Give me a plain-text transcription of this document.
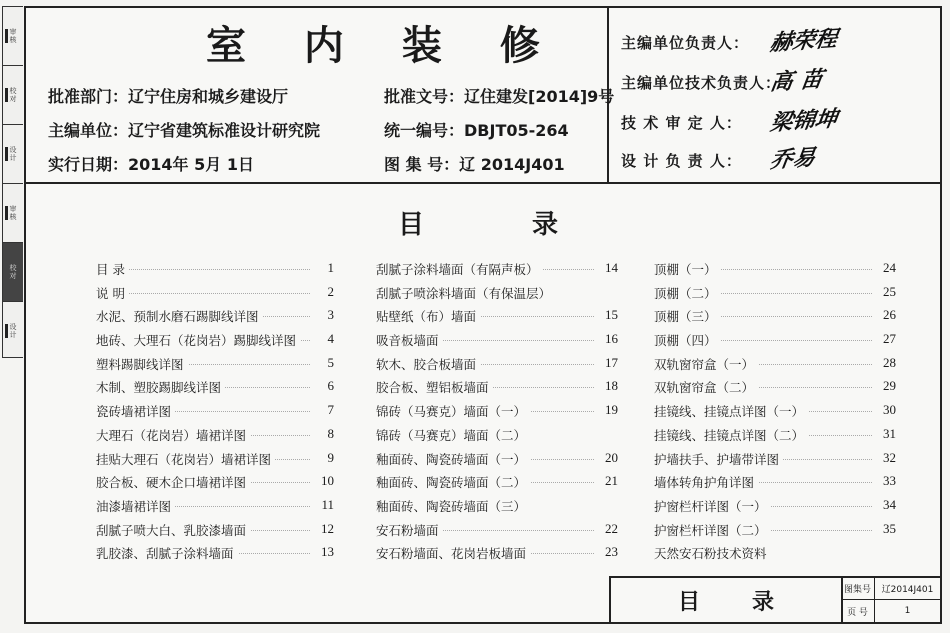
审核
校对
设计
审核
校对
设计
室 内 装 修
批准部门：辽宁住房和城乡建设厅	批准文号：辽住建发[2014]9号
主编单位：辽宁省建筑标准设计研究院	统一编号：DBJT05-264
实行日期：2014年 5月 1日	图 集 号：辽 2014J401
主编单位负责人： 赫荣程
主编单位技术负责人：高 苗
技 术 审 定 人： 梁锦坤
设 计 负 责 人： 乔易
目	录
目 录	1
说 明	2
水泥、预制水磨石踢脚线详图	3
地砖、大理石（花岗岩）踢脚线详图	4
塑料踢脚线详图	5
木制、塑胶踢脚线详图	6
瓷砖墙裙详图	7
大理石（花岗岩）墙裙详图	8
挂贴大理石（花岗岩）墙裙详图	9
胶合板、硬木企口墙裙详图	10
油漆墙裙详图	11
刮腻子喷大白、乳胶漆墙面	12
乳胶漆、刮腻子涂料墙面	13
刮腻子涂料墙面（有隔声板）	14
刮腻子喷涂料墙面（有保温层）
贴壁纸（布）墙面	15
吸音板墙面	16
软木、胶合板墙面	17
胶合板、塑铝板墙面	18
锦砖（马赛克）墙面（一）	19
锦砖（马赛克）墙面（二）
釉面砖、陶瓷砖墙面（一）	20
釉面砖、陶瓷砖墙面（二）	21
釉面砖、陶瓷砖墙面（三）
安石粉墙面	22
安石粉墙面、花岗岩板墙面	23
顶棚（一）	24
顶棚（二）	25
顶棚（三）	26
顶棚（四）	27
双轨窗帘盒（一）	28
双轨窗帘盒（二）	29
挂镜线、挂镜点详图（一）	30
挂镜线、挂镜点详图（二）	31
护墙扶手、护墙带详图	32
墙体转角护角详图	33
护窗栏杆详图（一）	34
护窗栏杆详图（二）	35
天然安石粉技术资料
目 录	图集号	辽2014J401
页 号	1
